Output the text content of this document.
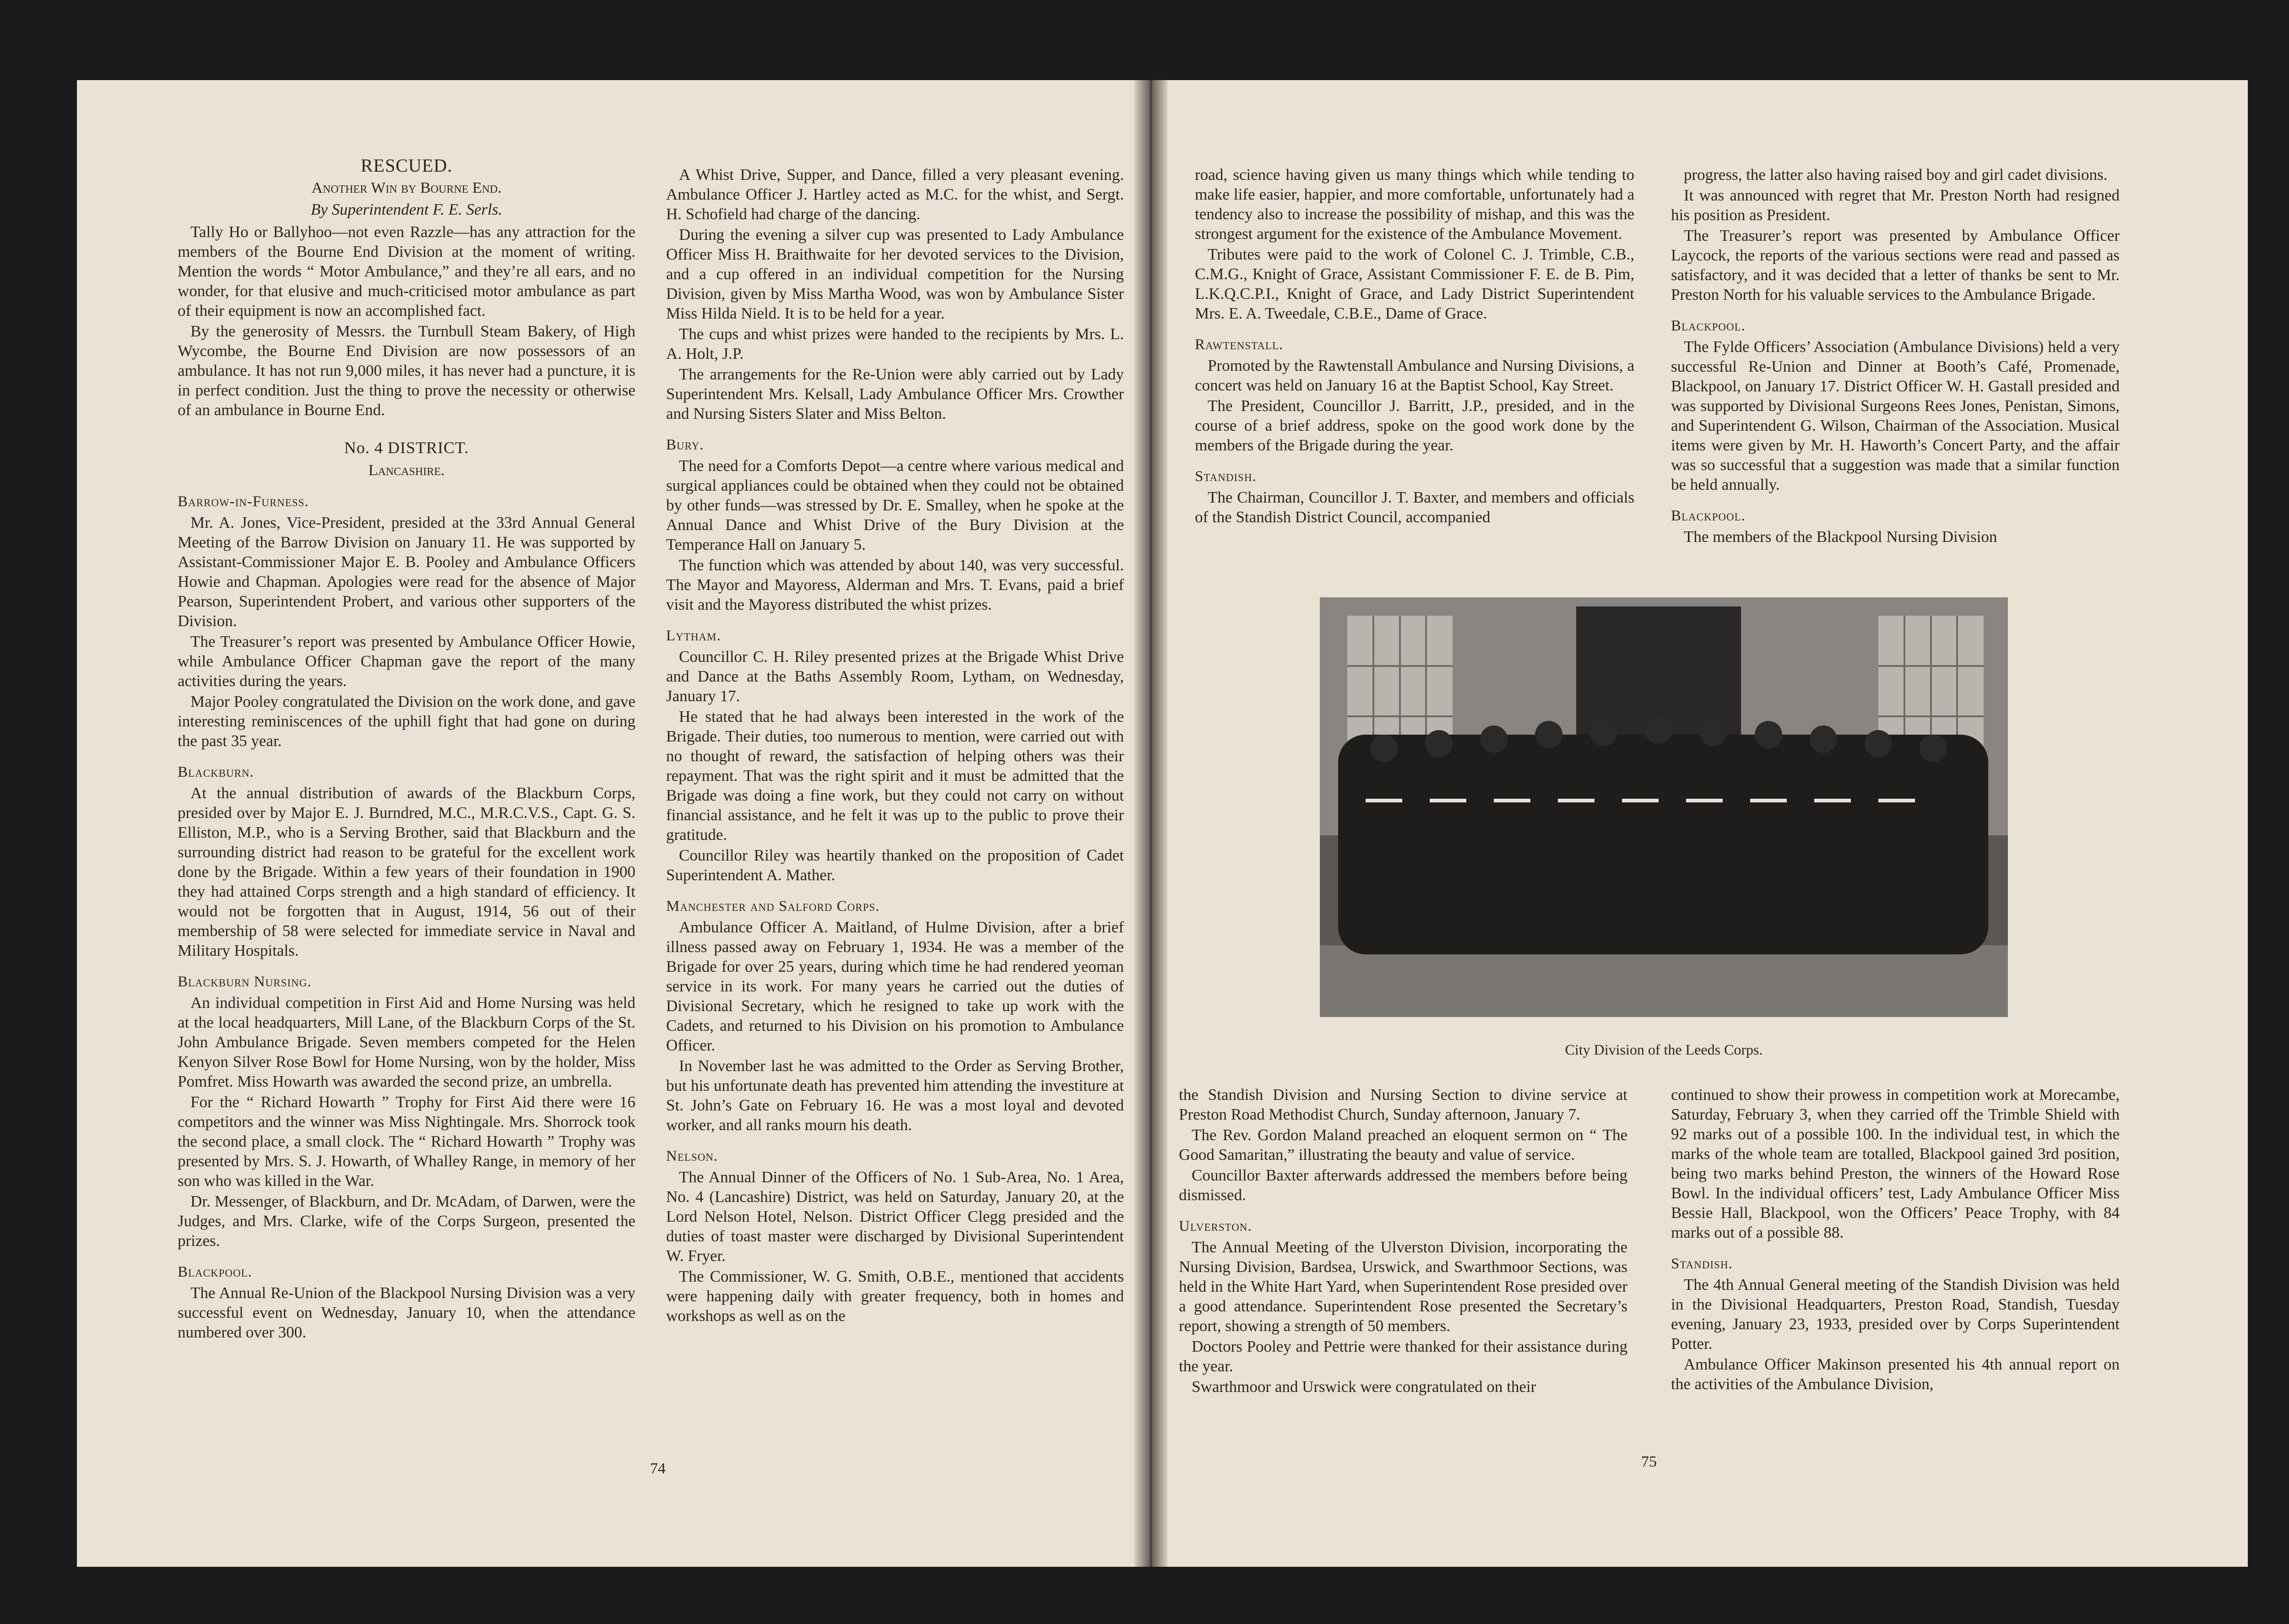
RESCUED.
Another Win by Bourne End.
By Superintendent F. E. Serls.

Tally Ho or Ballyhoo—not even Razzle—has any attraction for the members of the Bourne End Division at the moment of writing. Mention the words “ Motor Ambulance,” and they’re all ears, and no wonder, for that elusive and much-criticised motor ambulance as part of their equipment is now an accomplished fact.

By the generosity of Messrs. the Turnbull Steam Bakery, of High Wycombe, the Bourne End Division are now possessors of an ambulance. It has not run 9,000 miles, it has never had a puncture, it is in perfect condition. Just the thing to prove the necessity or otherwise of an ambulance in Bourne End.

No. 4 DISTRICT.
Lancashire.
Barrow-in-Furness.

Mr. A. Jones, Vice-President, presided at the 33rd Annual General Meeting of the Barrow Division on January 11. He was supported by Assistant-Commissioner Major E. B. Pooley and Ambulance Officers Howie and Chapman. Apologies were read for the absence of Major Pearson, Superintendent Probert, and various other supporters of the Division.

The Treasurer’s report was presented by Ambulance Officer Howie, while Ambulance Officer Chapman gave the report of the many activities during the years.

Major Pooley congratulated the Division on the work done, and gave interesting reminiscences of the uphill fight that had gone on during the past 35 year.

Blackburn.

At the annual distribution of awards of the Blackburn Corps, presided over by Major E. J. Burndred, M.C., M.R.C.V.S., Capt. G. S. Elliston, M.P., who is a Serving Brother, said that Blackburn and the surrounding district had reason to be grateful for the excellent work done by the Brigade. Within a few years of their foundation in 1900 they had attained Corps strength and a high standard of efficiency. It would not be forgotten that in August, 1914, 56 out of their membership of 58 were selected for immediate service in Naval and Military Hospitals.

Blackburn Nursing.

An individual competition in First Aid and Home Nursing was held at the local headquarters, Mill Lane, of the Blackburn Corps of the St. John Ambulance Brigade. Seven members competed for the Helen Kenyon Silver Rose Bowl for Home Nursing, won by the holder, Miss Pomfret. Miss Howarth was awarded the second prize, an umbrella.

For the “ Richard Howarth ” Trophy for First Aid there were 16 competitors and the winner was Miss Nightingale. Mrs. Shorrock took the second place, a small clock. The “ Richard Howarth ” Trophy was presented by Mrs. S. J. Howarth, of Whalley Range, in memory of her son who was killed in the War.

Dr. Messenger, of Blackburn, and Dr. McAdam, of Darwen, were the Judges, and Mrs. Clarke, wife of the Corps Surgeon, presented the prizes.

Blackpool.

The Annual Re-Union of the Blackpool Nursing Division was a very successful event on Wednesday, January 10, when the attendance numbered over 300.

A Whist Drive, Supper, and Dance, filled a very pleasant evening. Ambulance Officer J. Hartley acted as M.C. for the whist, and Sergt. H. Schofield had charge of the dancing.

During the evening a silver cup was presented to Lady Ambulance Officer Miss H. Braithwaite for her devoted services to the Division, and a cup offered in an individual competition for the Nursing Division, given by Miss Martha Wood, was won by Ambulance Sister Miss Hilda Nield. It is to be held for a year.

The cups and whist prizes were handed to the recipients by Mrs. L. A. Holt, J.P.

The arrangements for the Re-Union were ably carried out by Lady Superintendent Mrs. Kelsall, Lady Ambulance Officer Mrs. Crowther and Nursing Sisters Slater and Miss Belton.

Bury.

The need for a Comforts Depot—a centre where various medical and surgical appliances could be obtained when they could not be obtained by other funds—was stressed by Dr. E. Smalley, when he spoke at the Annual Dance and Whist Drive of the Bury Division at the Temperance Hall on January 5.

The function which was attended by about 140, was very successful. The Mayor and Mayoress, Alderman and Mrs. T. Evans, paid a brief visit and the Mayoress distributed the whist prizes.

Lytham.

Councillor C. H. Riley presented prizes at the Brigade Whist Drive and Dance at the Baths Assembly Room, Lytham, on Wednesday, January 17.

He stated that he had always been interested in the work of the Brigade. Their duties, too numerous to mention, were carried out with no thought of reward, the satisfaction of helping others was their repayment. That was the right spirit and it must be admitted that the Brigade was doing a fine work, but they could not carry on without financial assistance, and he felt it was up to the public to prove their gratitude.

Councillor Riley was heartily thanked on the proposition of Cadet Superintendent A. Mather.

Manchester and Salford Corps.

Ambulance Officer A. Maitland, of Hulme Division, after a brief illness passed away on February 1, 1934. He was a member of the Brigade for over 25 years, during which time he had rendered yeoman service in its work. For many years he carried out the duties of Divisional Secretary, which he resigned to take up work with the Cadets, and returned to his Division on his promotion to Ambulance Officer.

In November last he was admitted to the Order as Serving Brother, but his unfortunate death has prevented him attending the investiture at St. John’s Gate on February 16. He was a most loyal and devoted worker, and all ranks mourn his death.

Nelson.

The Annual Dinner of the Officers of No. 1 Sub-Area, No. 1 Area, No. 4 (Lancashire) District, was held on Saturday, January 20, at the Lord Nelson Hotel, Nelson. District Officer Clegg presided and the duties of toast master were discharged by Divisional Superintendent W. Fryer.

The Commissioner, W. G. Smith, O.B.E., mentioned that accidents were happening daily with greater frequency, both in homes and workshops as well as on the

74

road, science having given us many things which while tending to make life easier, happier, and more comfortable, unfortunately had a tendency also to increase the possibility of mishap, and this was the strongest argument for the existence of the Ambulance Movement.

Tributes were paid to the work of Colonel C. J. Trimble, C.B., C.M.G., Knight of Grace, Assistant Commissioner F. E. de B. Pim, L.K.Q.C.P.I., Knight of Grace, and Lady District Superintendent Mrs. E. A. Tweedale, C.B.E., Dame of Grace.

Rawtenstall.

Promoted by the Rawtenstall Ambulance and Nursing Divisions, a concert was held on January 16 at the Baptist School, Kay Street.

The President, Councillor J. Barritt, J.P., presided, and in the course of a brief address, spoke on the good work done by the members of the Brigade during the year.

Standish.

The Chairman, Councillor J. T. Baxter, and members and officials of the Standish District Council, accompanied

progress, the latter also having raised boy and girl cadet divisions.

It was announced with regret that Mr. Preston North had resigned his position as President.

The Treasurer’s report was presented by Ambulance Officer Laycock, the reports of the various sections were read and passed as satisfactory, and it was decided that a letter of thanks be sent to Mr. Preston North for his valuable services to the Ambulance Brigade.

Blackpool.

The Fylde Officers’ Association (Ambulance Divisions) held a very successful Re-Union and Dinner at Booth’s Café, Promenade, Blackpool, on January 17. District Officer W. H. Gastall presided and was supported by Divisional Surgeons Rees Jones, Penistan, Simons, and Superintendent G. Wilson, Chairman of the Association. Musical items were given by Mr. H. Haworth’s Concert Party, and the affair was so successful that a suggestion was made that a similar function be held annually.

Blackpool.

The members of the Blackpool Nursing Division

City Division of the Leeds Corps.

the Standish Division and Nursing Section to divine service at Preston Road Methodist Church, Sunday afternoon, January 7.

The Rev. Gordon Maland preached an eloquent sermon on “ The Good Samaritan,” illustrating the beauty and value of service.

Councillor Baxter afterwards addressed the members before being dismissed.

Ulverston.

The Annual Meeting of the Ulverston Division, incorporating the Nursing Division, Bardsea, Urswick, and Swarthmoor Sections, was held in the White Hart Yard, when Superintendent Rose presided over a good attendance. Superintendent Rose presented the Secretary’s report, showing a strength of 50 members.

Doctors Pooley and Pettrie were thanked for their assistance during the year.

Swarthmoor and Urswick were congratulated on their

continued to show their prowess in competition work at Morecambe, Saturday, February 3, when they carried off the Trimble Shield with 92 marks out of a possible 100. In the individual test, in which the marks of the whole team are totalled, Blackpool gained 3rd position, being two marks behind Preston, the winners of the Howard Rose Bowl. In the individual officers’ test, Lady Ambulance Officer Miss Bessie Hall, Blackpool, won the Officers’ Peace Trophy, with 84 marks out of a possible 88.

Standish.

The 4th Annual General meeting of the Standish Division was held in the Divisional Headquarters, Preston Road, Standish, Tuesday evening, January 23, 1933, presided over by Corps Superintendent Potter.

Ambulance Officer Makinson presented his 4th annual report on the activities of the Ambulance Division,

75
